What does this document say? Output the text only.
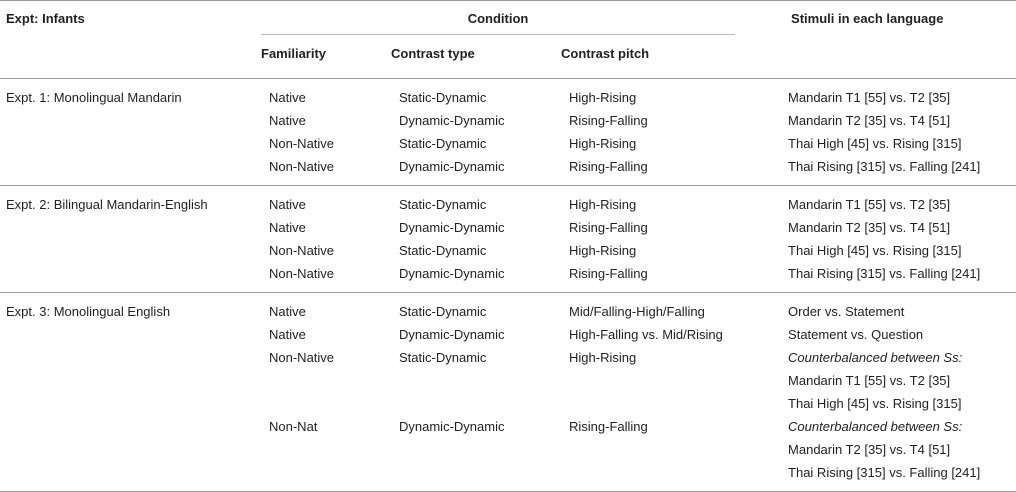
Expt: Infants	Condition			Stimuli in each language
	Familiarity	Contrast type	Contrast pitch	
Expt. 1: Monolingual Mandarin	Native	Static-Dynamic	High-Rising	Mandarin T1 [55] vs. T2 [35]

	Native	Dynamic-Dynamic	Rising-Falling	Mandarin T2 [35] vs. T4 [51]

	Non-Native	Static-Dynamic	High-Rising	Thai High [45] vs. Rising [315]

	Non-Native	Dynamic-Dynamic	Rising-Falling	Thai Rising [315] vs. Falling [241]

Expt. 2: Bilingual Mandarin-English	Native	Static-Dynamic	High-Rising	Mandarin T1 [55] vs. T2 [35]

	Native	Dynamic-Dynamic	Rising-Falling	Mandarin T2 [35] vs. T4 [51]

	Non-Native	Static-Dynamic	High-Rising	Thai High [45] vs. Rising [315]

	Non-Native	Dynamic-Dynamic	Rising-Falling	Thai Rising [315] vs. Falling [241]

Expt. 3: Monolingual English	Native	Static-Dynamic	Mid/Falling-High/Falling	Order vs. Statement

	Native	Dynamic-Dynamic	High-Falling vs. Mid/Rising	Statement vs. Question

	Non-Native	Static-Dynamic	High-Rising	Counterbalanced between Ss:
Mandarin T1 [55] vs. T2 [35]
Thai High [45] vs. Rising [315]

	Non-Nat	Dynamic-Dynamic	Rising-Falling	Counterbalanced between Ss:
Mandarin T2 [35] vs. T4 [51]
Thai Rising [315] vs. Falling [241]
